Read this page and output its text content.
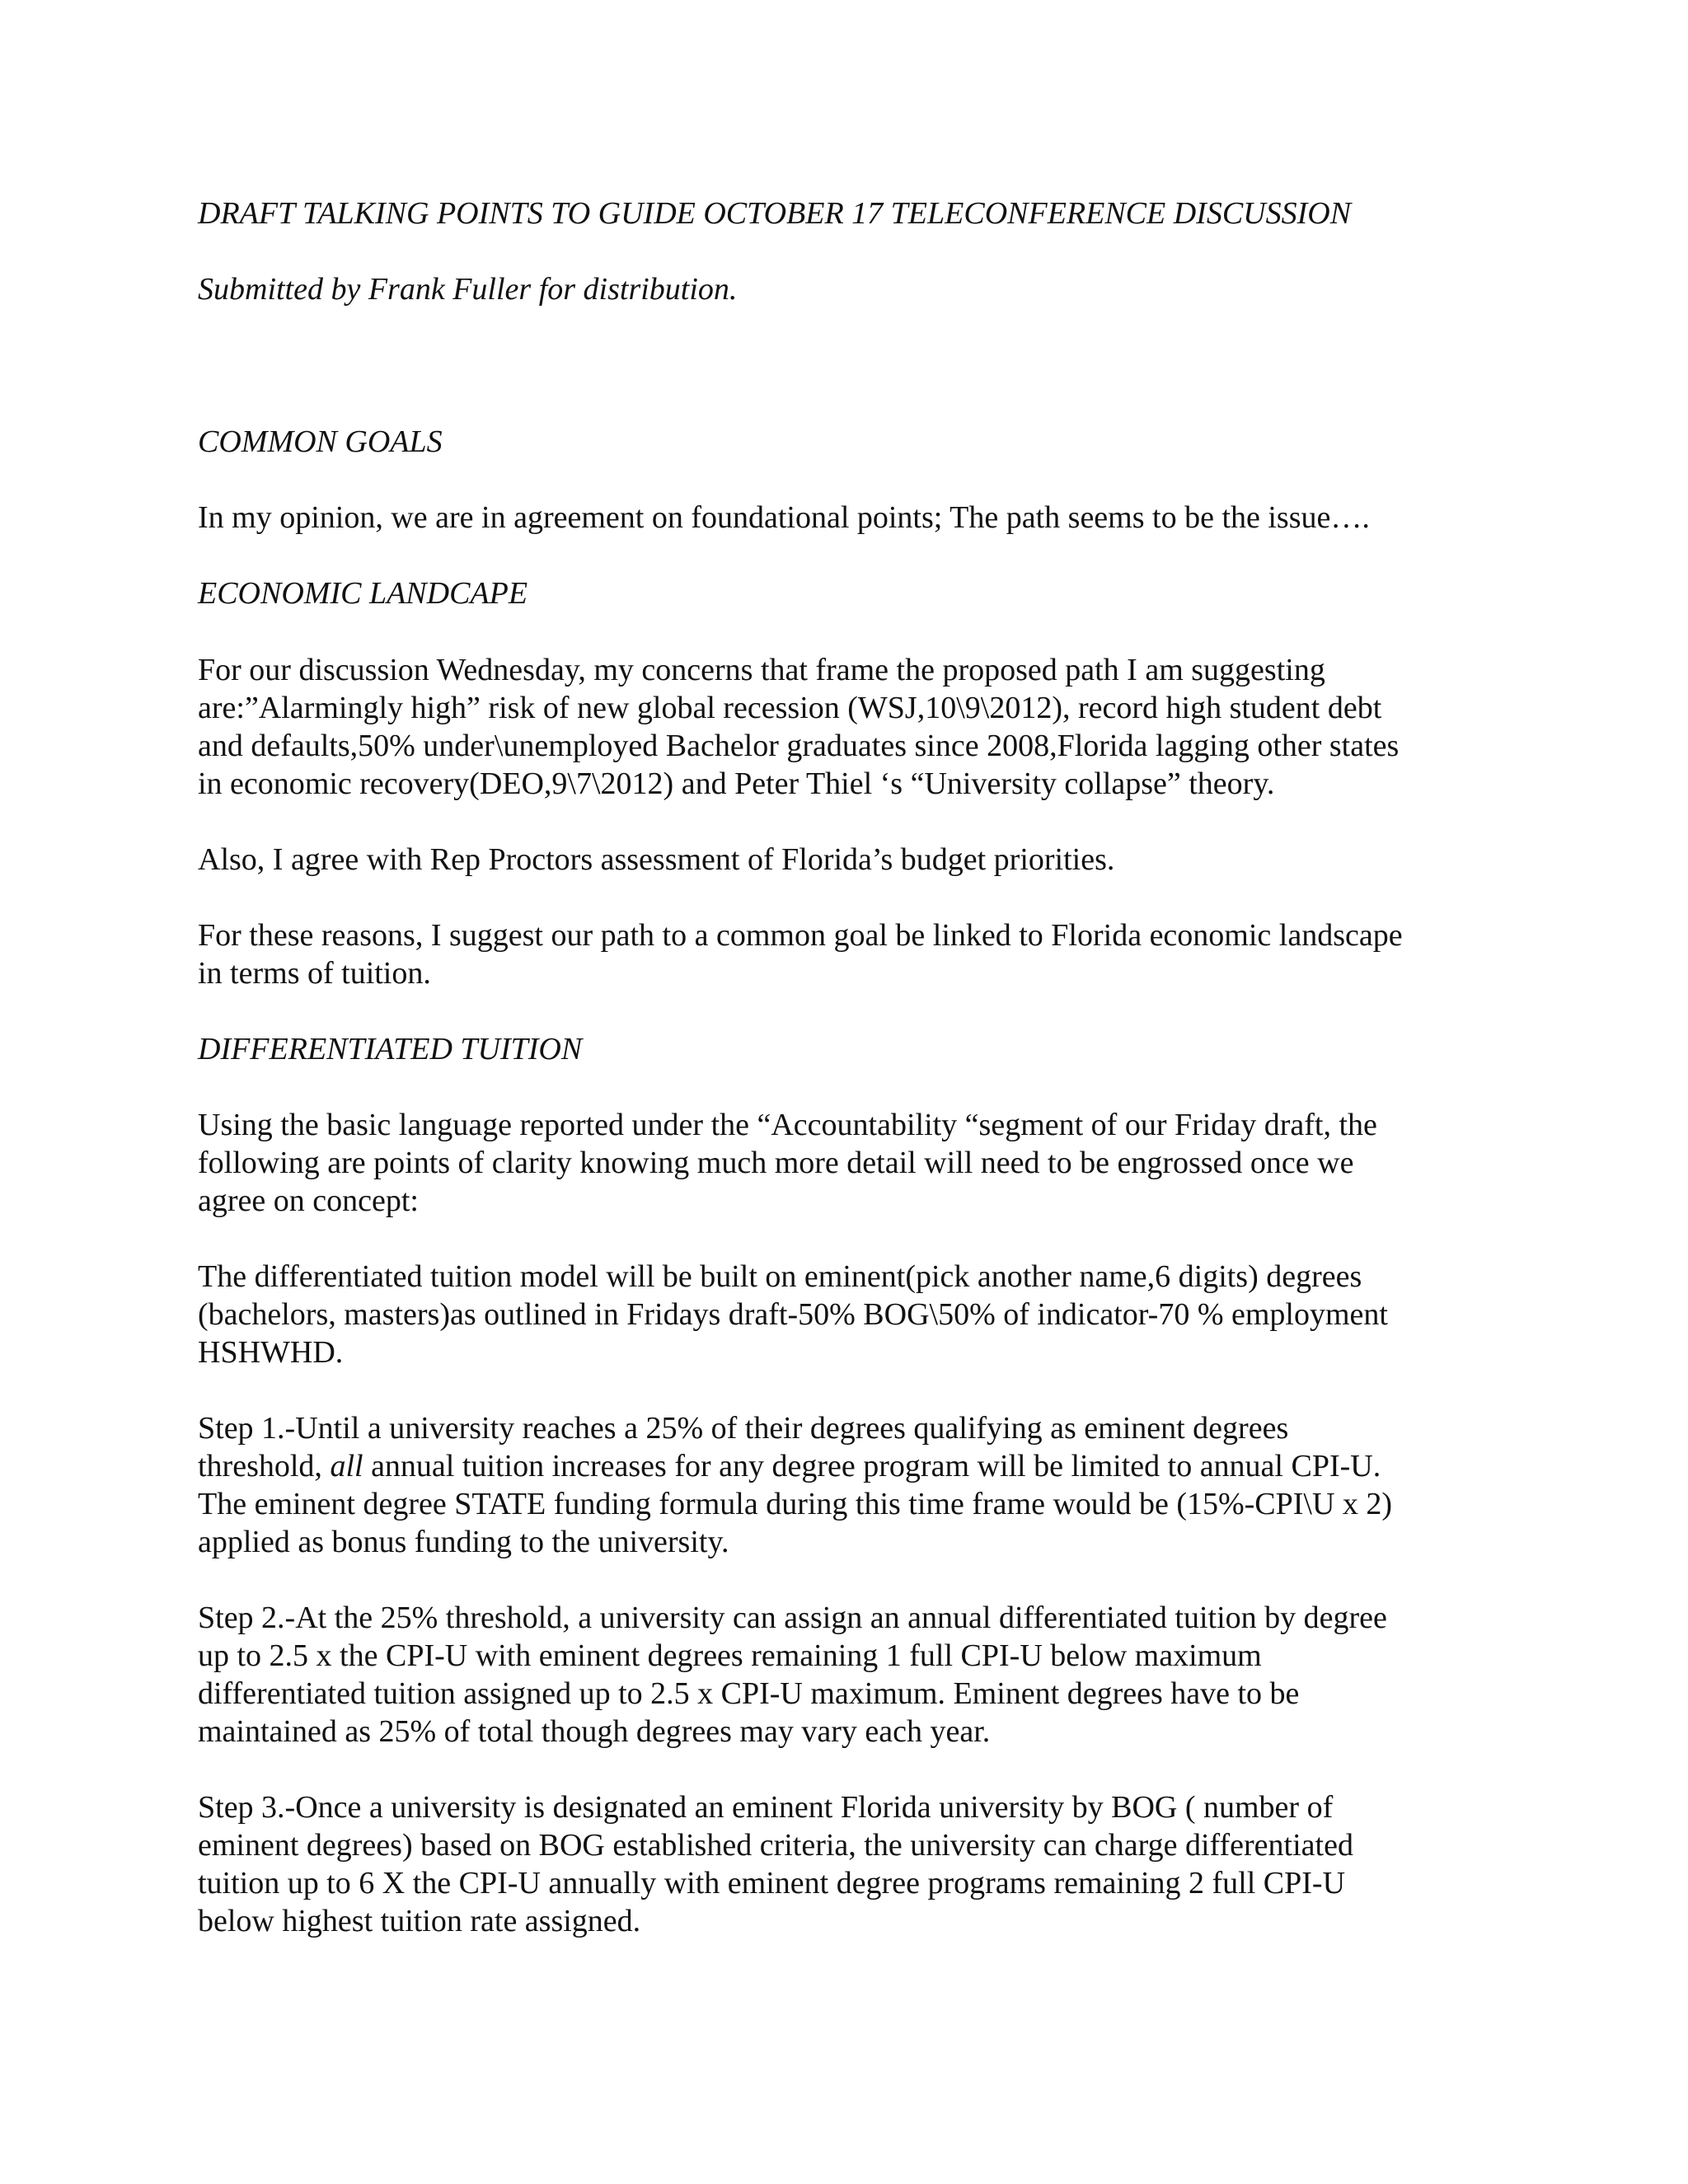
DRAFT TALKING POINTS TO GUIDE OCTOBER 17 TELECONFERENCE DISCUSSION

Submitted by Frank Fuller for distribution.

COMMON GOALS

In my opinion, we are in agreement on foundational points; The path seems to be the issue….

ECONOMIC LANDCAPE

For our discussion Wednesday, my concerns that frame the proposed path I am suggesting
are:”Alarmingly high” risk of new global recession (WSJ,10\9\2012), record high student debt
and defaults,50% under\unemployed Bachelor graduates since 2008,Florida lagging other states
in economic recovery(DEO,9\7\2012) and Peter Thiel ‘s “University collapse” theory.

Also, I agree with Rep Proctors assessment of Florida’s budget priorities.

For these reasons, I suggest our path to a common goal be linked to Florida economic landscape
in terms of tuition.

DIFFERENTIATED TUITION

Using the basic language reported under the “Accountability “segment of our Friday draft, the
following are points of clarity knowing much more detail will need to be engrossed once we
agree on concept:

The differentiated tuition model will be built on eminent(pick another name,6 digits) degrees
(bachelors, masters)as outlined in Fridays draft-50% BOG\50% of indicator-70 % employment
HSHWHD.

Step 1.-Until a university reaches a 25% of their degrees qualifying as eminent degrees
threshold, all annual tuition increases for any degree program will be limited to annual CPI-U.
The eminent degree STATE funding formula during this time frame would be (15%-CPI\U x 2)
applied as bonus funding to the university.

Step 2.-At the 25% threshold, a university can assign an annual differentiated tuition by degree
up to 2.5 x the CPI-U with eminent degrees remaining 1 full CPI-U below maximum
differentiated tuition assigned up to 2.5 x CPI-U maximum. Eminent degrees have to be
maintained as 25% of total though degrees may vary each year.

Step 3.-Once a university is designated an eminent Florida university by BOG ( number of
eminent degrees) based on BOG established criteria, the university can charge differentiated
tuition up to 6 X the CPI-U annually with eminent degree programs remaining 2 full CPI-U
below highest tuition rate assigned.
